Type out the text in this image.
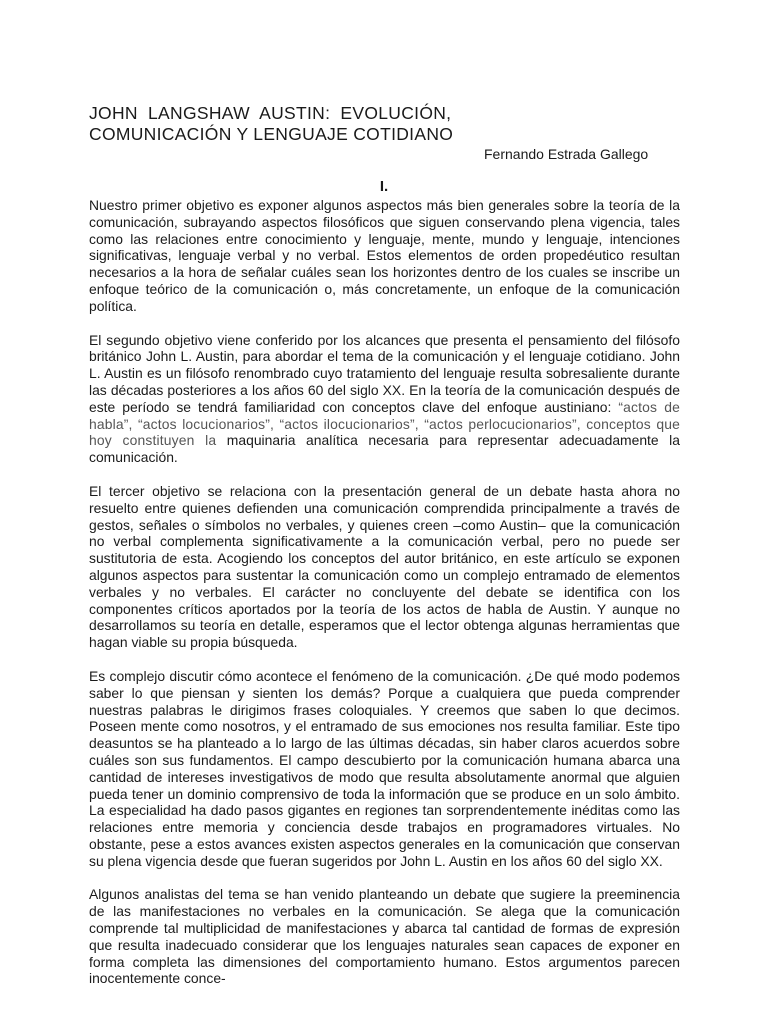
JOHN LANGSHAW AUSTIN: EVOLUCIÓN,
COMUNICACIÓN Y LENGUAJE COTIDIANO

Fernando Estrada Gallego

I.

Nuestro primer objetivo es exponer algunos aspectos más bien generales sobre la teoría de la comunicación, subrayando aspectos filosóficos que siguen conservando plena vigencia, tales como las relaciones entre conocimiento y lenguaje, mente, mundo y lenguaje, intenciones significativas, lenguaje verbal y no verbal. Estos elementos de orden propedéutico resultan necesarios a la hora de señalar cuáles sean los horizontes dentro de los cuales se inscribe un enfoque teórico de la comunicación o, más concretamente, un enfoque de la comunicación política.

El segundo objetivo viene conferido por los alcances que presenta el pensamiento del filósofo británico John L. Austin, para abordar el tema de la comunicación y el lenguaje cotidiano. John L. Austin es un filósofo renombrado cuyo tratamiento del lenguaje resulta sobresaliente durante las décadas posteriores a los años 60 del siglo XX. En la teoría de la comunicación después de este período se tendrá familiaridad con conceptos clave del enfoque austiniano: “actos de habla”, “actos locucionarios”, “actos ilocucionarios”, “actos perlocucionarios”, conceptos que hoy constituyen la maquinaria analítica necesaria para representar adecuadamente la comunicación.

El tercer objetivo se relaciona con la presentación general de un debate hasta ahora no resuelto entre quienes defienden una comunicación comprendida principalmente a través de gestos, señales o símbolos no verbales, y quienes creen –como Austin– que la comunicación no verbal complementa significativamente a la comunicación verbal, pero no puede ser sustitutoria de esta. Acogiendo los conceptos del autor británico, en este artículo se exponen algunos aspectos para sustentar la comunicación como un complejo entramado de elementos verbales y no verbales. El carácter no concluyente del debate se identifica con los componentes críticos aportados por la teoría de los actos de habla de Austin. Y aunque no desarrollamos su teoría en detalle, esperamos que el lector obtenga algunas herramientas que hagan viable su propia búsqueda.

Es complejo discutir cómo acontece el fenómeno de la comunicación. ¿De qué modo podemos saber lo que piensan y sienten los demás? Porque a cualquiera que pueda comprender nuestras palabras le dirigimos frases coloquiales. Y creemos que saben lo que decimos. Poseen mente como nosotros, y el entramado de sus emociones nos resulta familiar. Este tipo deasuntos se ha planteado a lo largo de las últimas décadas, sin haber claros acuerdos sobre cuáles son sus fundamentos. El campo descubierto por la comunicación humana abarca una cantidad de intereses investigativos de modo que resulta absolutamente anormal que alguien pueda tener un dominio comprensivo de toda la información que se produce en un solo ámbito. La especialidad ha dado pasos gigantes en regiones tan sorprendentemente inéditas como las relaciones entre memoria y conciencia desde trabajos en programadores virtuales. No obstante, pese a estos avances existen aspectos generales en la comunicación que conservan su plena vigencia desde que fueran sugeridos por John L. Austin en los años 60 del siglo XX.

Algunos analistas del tema se han venido planteando un debate que sugiere la preeminencia de las manifestaciones no verbales en la comunicación. Se alega que la comunicación comprende tal multiplicidad de manifestaciones y abarca tal cantidad de formas de expresión que resulta inadecuado considerar que los lenguajes naturales sean capaces de exponer en forma completa las dimensiones del comportamiento humano. Estos argumentos parecen inocentemente conce-
